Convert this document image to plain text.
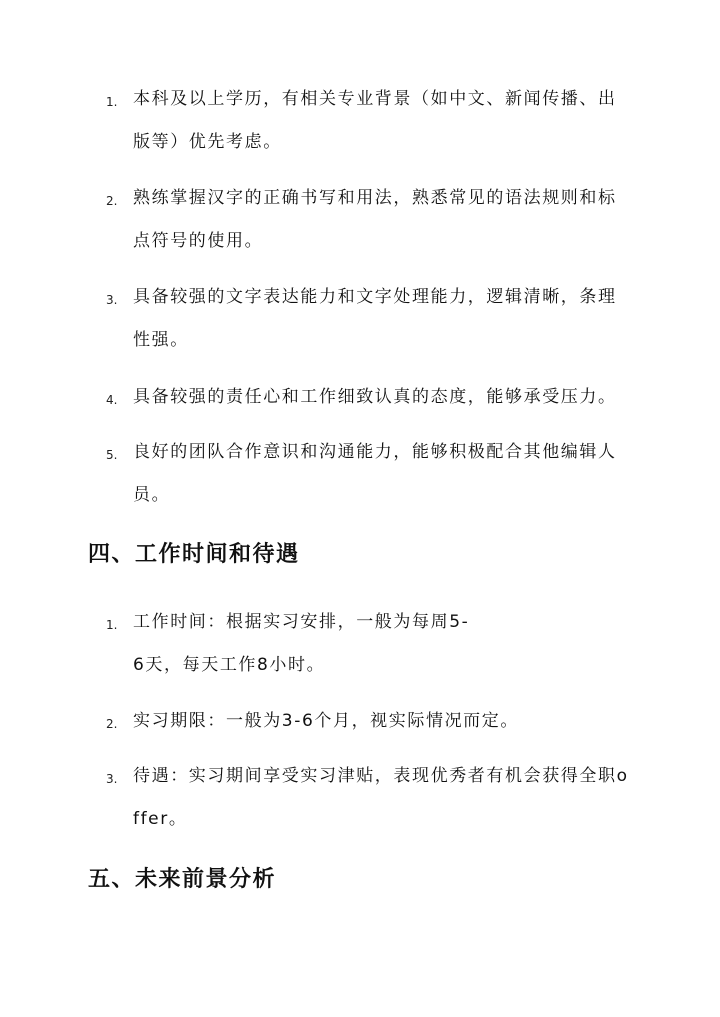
1. 本科及以上学历，有相关专业背景（如中文、新闻传播、出
版等）优先考虑。
2. 熟练掌握汉字的正确书写和用法，熟悉常见的语法规则和标
点符号的使用。
3. 具备较强的文字表达能力和文字处理能力，逻辑清晰，条理
性强。
4. 具备较强的责任心和工作细致认真的态度，能够承受压力。
5. 良好的团队合作意识和沟通能力，能够积极配合其他编辑人
员。
四、工作时间和待遇
1. 工作时间：根据实习安排，一般为每周5-
6天，每天工作8小时。
2. 实习期限：一般为3-6个月，视实际情况而定。
3. 待遇：实习期间享受实习津贴，表现优秀者有机会获得全职o
ffer。
五、未来前景分析
